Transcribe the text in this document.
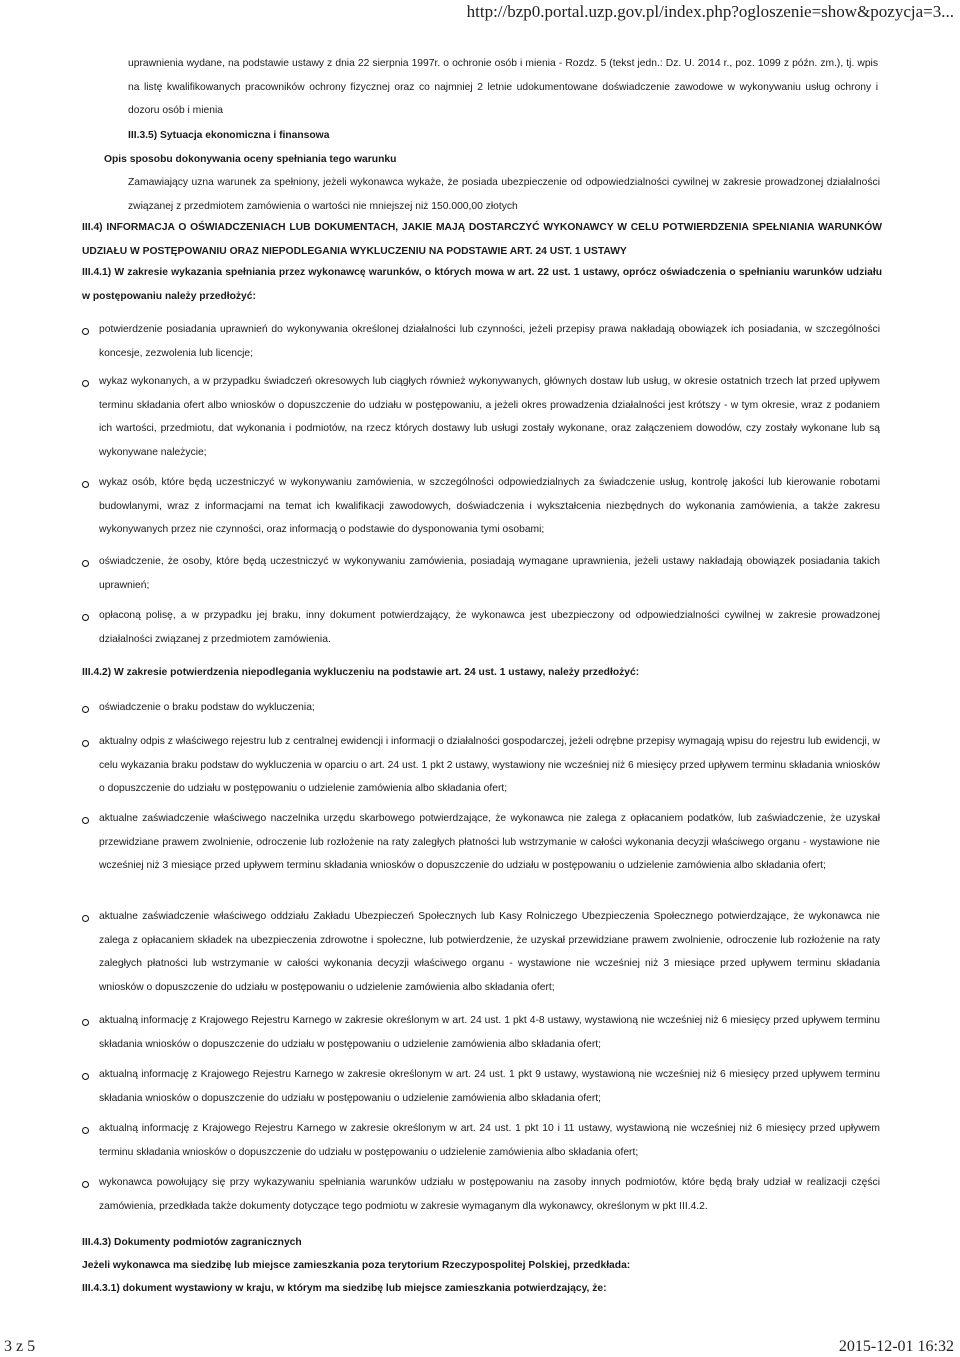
http://bzp0.portal.uzp.gov.pl/index.php?ogloszenie=show&pozycja=3...

uprawnienia wydane, na podstawie ustawy z dnia 22 sierpnia 1997r. o ochronie osób i mienia - Rozdz. 5 (tekst jedn.: Dz. U. 2014 r., poz. 1099 z późn. zm.), tj. wpis na listę kwalifikowanych pracowników ochrony fizycznej oraz co najmniej 2 letnie udokumentowane doświadczenie zawodowe w wykonywaniu usług ochrony i dozoru osób i mienia

III.3.5) Sytuacja ekonomiczna i finansowa

Opis sposobu dokonywania oceny spełniania tego warunku

Zamawiający uzna warunek za spełniony, jeżeli wykonawca wykaże, że posiada ubezpieczenie od odpowiedzialności cywilnej w zakresie prowadzonej działalności związanej z przedmiotem zamówienia o wartości nie mniejszej niż 150.000,00 złotych

III.4) INFORMACJA O OŚWIADCZENIACH LUB DOKUMENTACH, JAKIE MAJĄ DOSTARCZYĆ WYKONAWCY W CELU POTWIERDZENIA SPEŁNIANIA WARUNKÓW UDZIAŁU W POSTĘPOWANIU ORAZ NIEPODLEGANIA WYKLUCZENIU NA PODSTAWIE ART. 24 UST. 1 USTAWY

III.4.1) W zakresie wykazania spełniania przez wykonawcę warunków, o których mowa w art. 22 ust. 1 ustawy, oprócz oświadczenia o spełnianiu warunków udziału w postępowaniu należy przedłożyć:

potwierdzenie posiadania uprawnień do wykonywania określonej działalności lub czynności, jeżeli przepisy prawa nakładają obowiązek ich posiadania, w szczególności koncesje, zezwolenia lub licencje;

wykaz wykonanych, a w przypadku świadczeń okresowych lub ciągłych również wykonywanych, głównych dostaw lub usług, w okresie ostatnich trzech lat przed upływem terminu składania ofert albo wniosków o dopuszczenie do udziału w postępowaniu, a jeżeli okres prowadzenia działalności jest krótszy - w tym okresie, wraz z podaniem ich wartości, przedmiotu, dat wykonania i podmiotów, na rzecz których dostawy lub usługi zostały wykonane, oraz załączeniem dowodów, czy zostały wykonane lub są wykonywane należycie;

wykaz osób, które będą uczestniczyć w wykonywaniu zamówienia, w szczególności odpowiedzialnych za świadczenie usług, kontrolę jakości lub kierowanie robotami budowlanymi, wraz z informacjami na temat ich kwalifikacji zawodowych, doświadczenia i wykształcenia niezbędnych do wykonania zamówienia, a także zakresu wykonywanych przez nie czynności, oraz informacją o podstawie do dysponowania tymi osobami;

oświadczenie, że osoby, które będą uczestniczyć w wykonywaniu zamówienia, posiadają wymagane uprawnienia, jeżeli ustawy nakładają obowiązek posiadania takich uprawnień;

opłaconą polisę, a w przypadku jej braku, inny dokument potwierdzający, że wykonawca jest ubezpieczony od odpowiedzialności cywilnej w zakresie prowadzonej działalności związanej z przedmiotem zamówienia.

III.4.2) W zakresie potwierdzenia niepodlegania wykluczeniu na podstawie art. 24 ust. 1 ustawy, należy przedłożyć:

oświadczenie o braku podstaw do wykluczenia;

aktualny odpis z właściwego rejestru lub z centralnej ewidencji i informacji o działalności gospodarczej, jeżeli odrębne przepisy wymagają wpisu do rejestru lub ewidencji, w celu wykazania braku podstaw do wykluczenia w oparciu o art. 24 ust. 1 pkt 2 ustawy, wystawiony nie wcześniej niż 6 miesięcy przed upływem terminu składania wniosków o dopuszczenie do udziału w postępowaniu o udzielenie zamówienia albo składania ofert;

aktualne zaświadczenie właściwego naczelnika urzędu skarbowego potwierdzające, że wykonawca nie zalega z opłacaniem podatków, lub zaświadczenie, że uzyskał przewidziane prawem zwolnienie, odroczenie lub rozłożenie na raty zaległych płatności lub wstrzymanie w całości wykonania decyzji właściwego organu - wystawione nie wcześniej niż 3 miesiące przed upływem terminu składania wniosków o dopuszczenie do udziału w postępowaniu o udzielenie zamówienia albo składania ofert;

aktualne zaświadczenie właściwego oddziału Zakładu Ubezpieczeń Społecznych lub Kasy Rolniczego Ubezpieczenia Społecznego potwierdzające, że wykonawca nie zalega z opłacaniem składek na ubezpieczenia zdrowotne i społeczne, lub potwierdzenie, że uzyskał przewidziane prawem zwolnienie, odroczenie lub rozłożenie na raty zaległych płatności lub wstrzymanie w całości wykonania decyzji właściwego organu - wystawione nie wcześniej niż 3 miesiące przed upływem terminu składania wniosków o dopuszczenie do udziału w postępowaniu o udzielenie zamówienia albo składania ofert;

aktualną informację z Krajowego Rejestru Karnego w zakresie określonym w art. 24 ust. 1 pkt 4-8 ustawy, wystawioną nie wcześniej niż 6 miesięcy przed upływem terminu składania wniosków o dopuszczenie do udziału w postępowaniu o udzielenie zamówienia albo składania ofert;

aktualną informację z Krajowego Rejestru Karnego w zakresie określonym w art. 24 ust. 1 pkt 9 ustawy, wystawioną nie wcześniej niż 6 miesięcy przed upływem terminu składania wniosków o dopuszczenie do udziału w postępowaniu o udzielenie zamówienia albo składania ofert;

aktualną informację z Krajowego Rejestru Karnego w zakresie określonym w art. 24 ust. 1 pkt 10 i 11 ustawy, wystawioną nie wcześniej niż 6 miesięcy przed upływem terminu składania wniosków o dopuszczenie do udziału w postępowaniu o udzielenie zamówienia albo składania ofert;

wykonawca powołujący się przy wykazywaniu spełniania warunków udziału w postępowaniu na zasoby innych podmiotów, które będą brały udział w realizacji części zamówienia, przedkłada także dokumenty dotyczące tego podmiotu w zakresie wymaganym dla wykonawcy, określonym w pkt III.4.2.

III.4.3) Dokumenty podmiotów zagranicznych

Jeżeli wykonawca ma siedzibę lub miejsce zamieszkania poza terytorium Rzeczypospolitej Polskiej, przedkłada:

III.4.3.1) dokument wystawiony w kraju, w którym ma siedzibę lub miejsce zamieszkania potwierdzający, że:

3 z 5	2015-12-01 16:32
